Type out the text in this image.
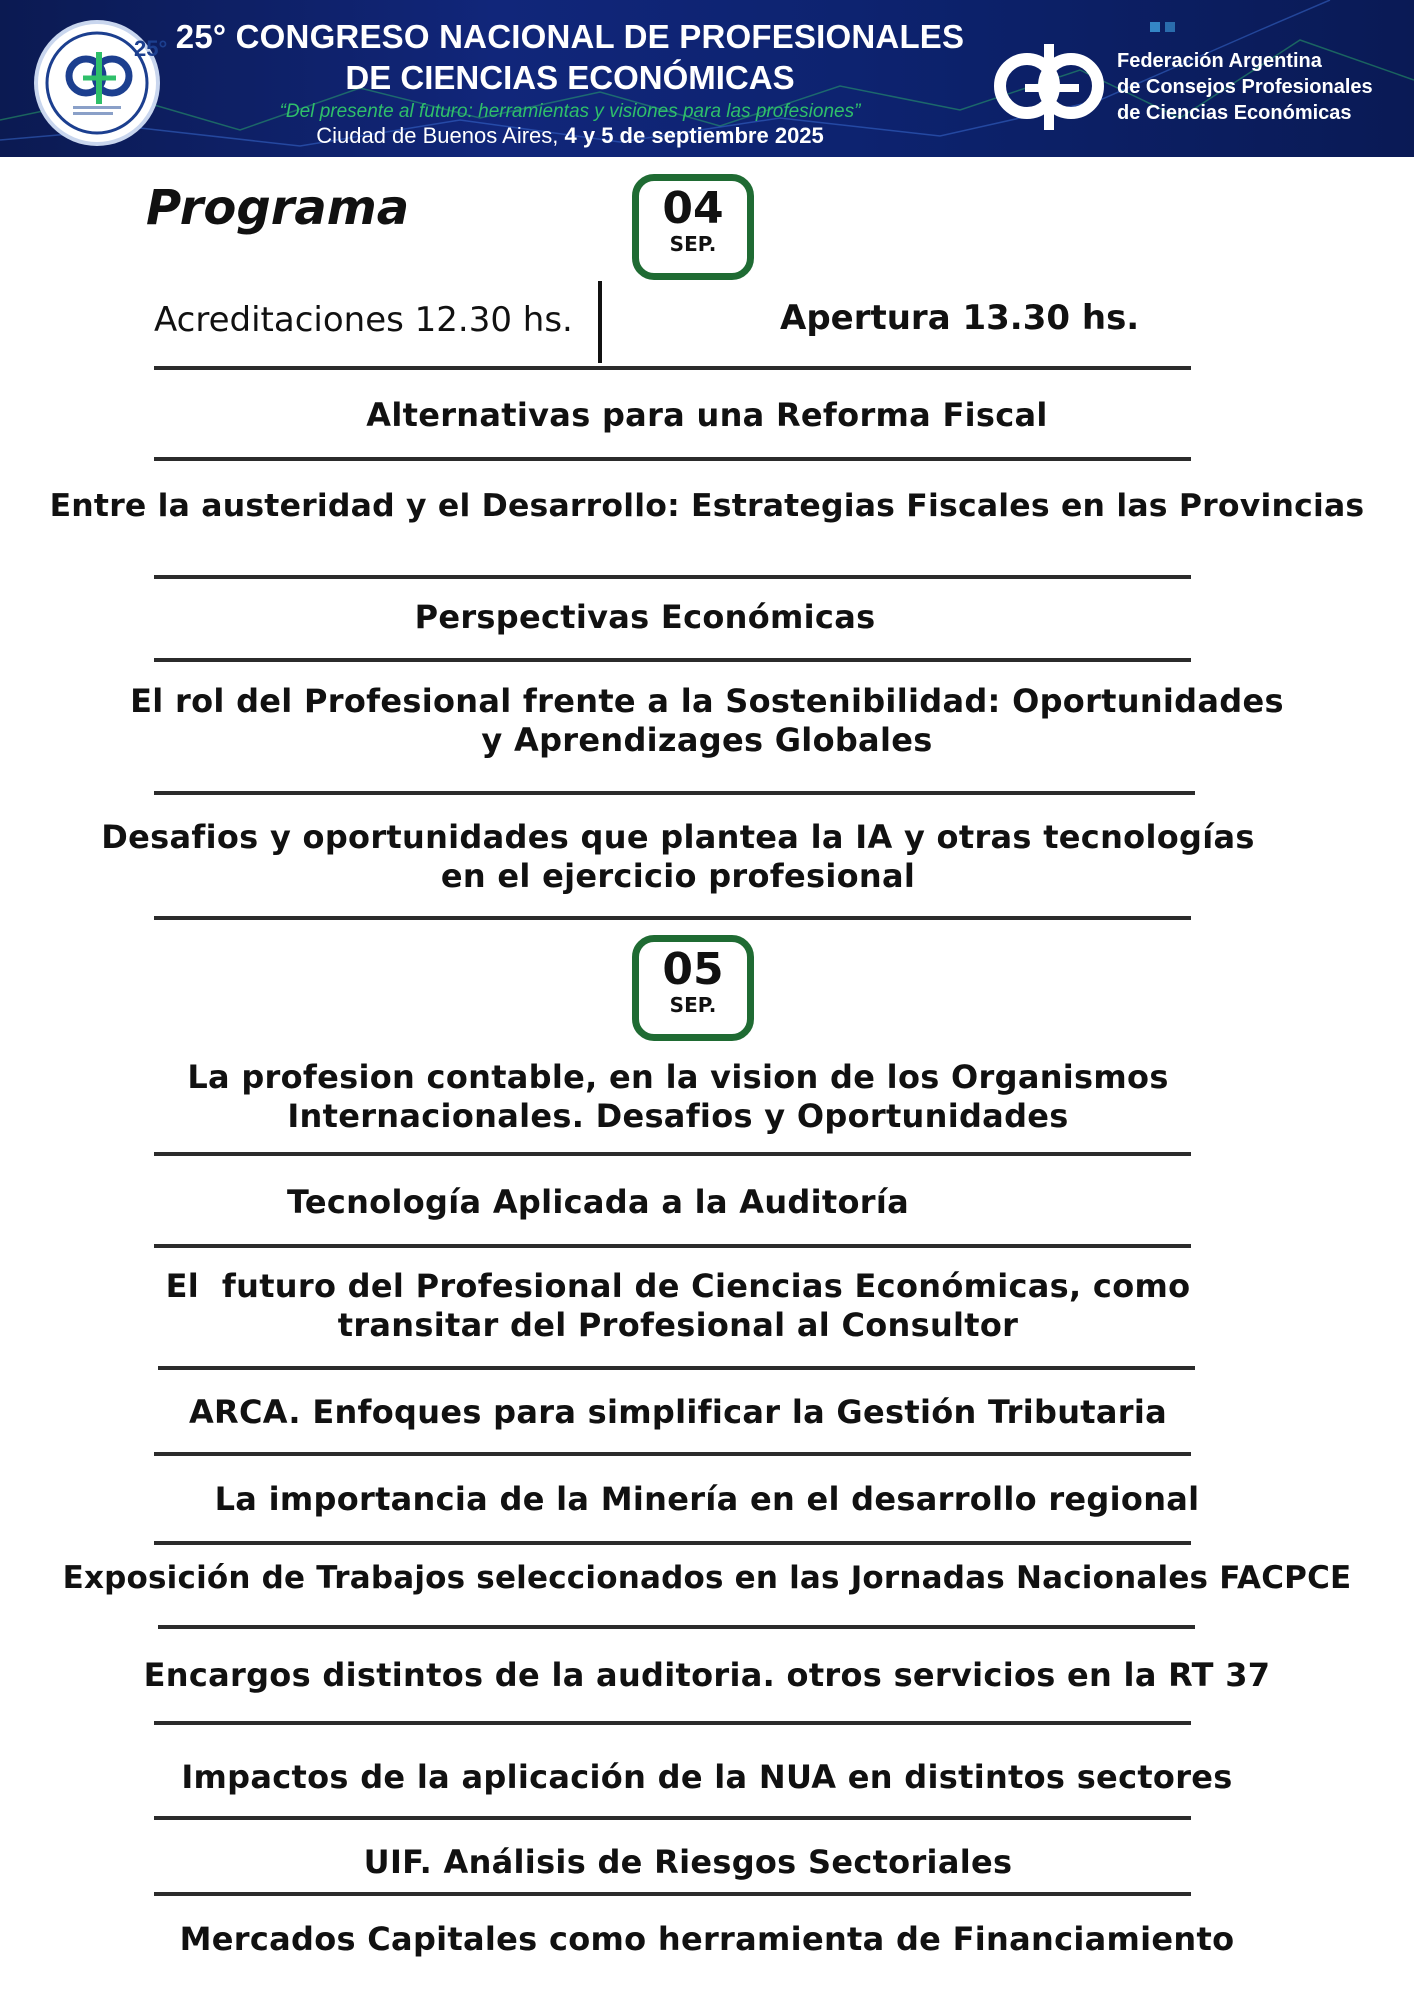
25° 25° CONGRESO NACIONAL DE PROFESIONALES
DE CIENCIAS ECONÓMICAS
“Del presente al futuro: herramientas y visiones para las profesiones”
Ciudad de Buenos Aires, 4 y 5 de septiembre 2025
Federación Argentina
de Consejos Profesionales
de Ciencias Económicas
Programa	04
SEP.
Acreditaciones 12.30 hs.	Apertura 13.30 hs.
Alternativas para una Reforma Fiscal
Entre la austeridad y el Desarrollo: Estrategias Fiscales en las Provincias
Perspectivas Económicas
El rol del Profesional frente a la Sostenibilidad: Oportunidades
y Aprendizages Globales
Desafios y oportunidades que plantea la IA y otras tecnologías
en el ejercicio profesional
05
SEP.
La profesion contable, en la vision de los Organismos
Internacionales. Desafios y Oportunidades
Tecnología Aplicada a la Auditoría
El  futuro del Profesional de Ciencias Económicas, como
transitar del Profesional al Consultor
ARCA. Enfoques para simplificar la Gestión Tributaria
La importancia de la Minería en el desarrollo regional
Exposición de Trabajos seleccionados en las Jornadas Nacionales FACPCE
Encargos distintos de la auditoria. otros servicios en la RT 37
Impactos de la aplicación de la NUA en distintos sectores
UIF. Análisis de Riesgos Sectoriales
Mercados Capitales como herramienta de Financiamiento
